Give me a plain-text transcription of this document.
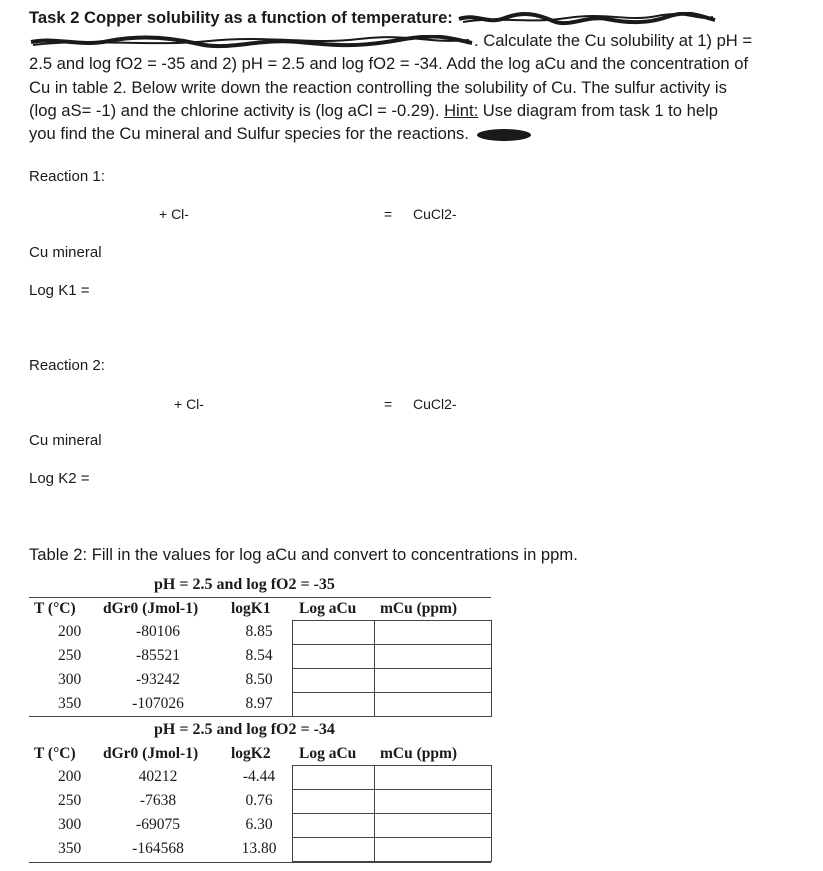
Task 2 Copper solubility as a function of temperature:
. Calculate the Cu solubility at 1) pH =
2.5 and log fO2 = -35 and 2) pH = 2.5 and log fO2 = -34. Add the log aCu and the concentration of
Cu in table 2. Below write down the reaction controlling the solubility of Cu. The sulfur activity is
(log aS= -1) and the chlorine activity is (log aCl = -0.29). Hint: Use diagram from task 1 to help
you find the Cu mineral and Sulfur species for the reactions.
Reaction 1:
+ Cl-	= CuCl2-
Cu mineral
Log K1 =
Reaction 2:
+ Cl-	= CuCl2-
Cu mineral
Log K2 =
Table 2: Fill in the values for log aCu and convert to concentrations in ppm.
pH = 2.5 and log fO2 = -35
T (°C) dGr0 (Jmol-1) logK1 Log aCu mCu (ppm)
200	-80106	8.85
250	-85521	8.54
300	-93242	8.50
350	-107026	8.97
pH = 2.5 and log fO2 = -34
T (°C) dGr0 (Jmol-1) logK2 Log aCu mCu (ppm)
200	40212	-4.44
250	-7638	0.76
300	-69075	6.30
350	-164568	13.80
